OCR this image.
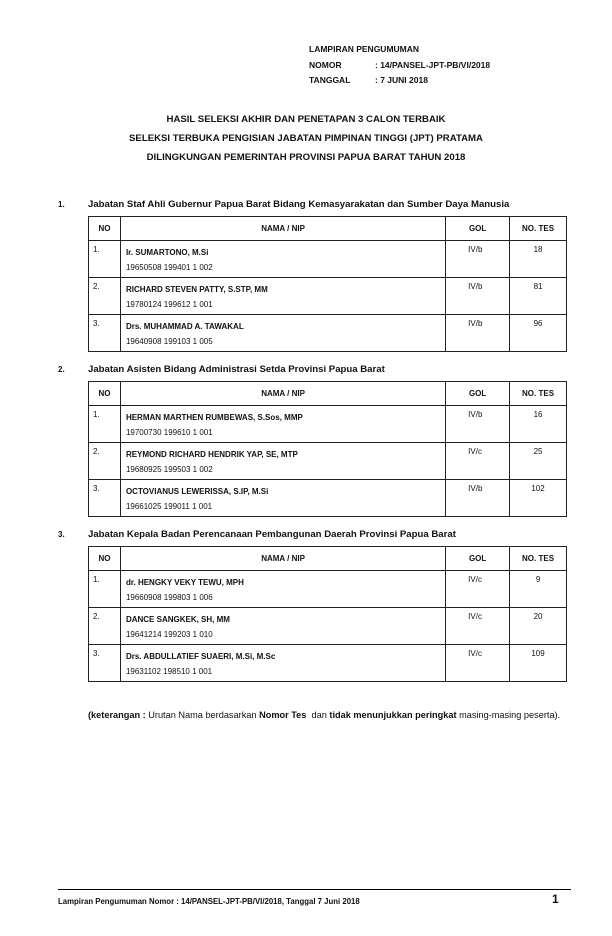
LAMPIRAN PENGUMUMAN
NOMOR	: 14/PANSEL-JPT-PB/VI/2018
TANGGAL	: 7 JUNI 2018
HASIL SELEKSI AKHIR DAN PENETAPAN 3 CALON TERBAIK
SELEKSI TERBUKA PENGISIAN JABATAN PIMPINAN TINGGI (JPT) PRATAMA
DILINGKUNGAN PEMERINTAH PROVINSI PAPUA BARAT TAHUN 2018
1.	Jabatan Staf Ahli Gubernur Papua Barat Bidang Kemasyarakatan dan Sumber Daya Manusia
NO	NAMA / NIP	GOL	NO. TES
1.	Ir. SUMARTONO, M.Si
19650508 199401 1 002	IV/b	18
2.	RICHARD STEVEN PATTY, S.STP, MM
19780124 199612 1 001	IV/b	81
3.	Drs. MUHAMMAD A. TAWAKAL
19640908 199103 1 005	IV/b	96
2.	Jabatan Asisten Bidang Administrasi Setda Provinsi Papua Barat
NO	NAMA / NIP	GOL	NO. TES
1.	HERMAN MARTHEN RUMBEWAS, S.Sos, MMP
19700730 199610 1 001	IV/b	16
2.	REYMOND RICHARD HENDRIK YAP, SE, MTP
19680925 199503 1 002	IV/c	25
3.	OCTOVIANUS LEWERISSA, S.IP, M.Si
19661025 199011 1 001	IV/b	102
3.	Jabatan Kepala Badan Perencanaan Pembangunan Daerah Provinsi Papua Barat
NO	NAMA / NIP	GOL	NO. TES
1.	dr. HENGKY VEKY TEWU, MPH
19660908 199803 1 006	IV/c	9
2.	DANCE SANGKEK, SH, MM
19641214 199203 1 010	IV/c	20
3.	Drs. ABDULLATIEF SUAERI, M.Si, M.Sc
19631102 198510 1 001	IV/c	109
(keterangan : Urutan Nama berdasarkan Nomor Tes  dan tidak menunjukkan peringkat masing-masing peserta).
Lampiran Pengumuman Nomor : 14/PANSEL-JPT-PB/VI/2018, Tanggal 7 Juni 2018	1
